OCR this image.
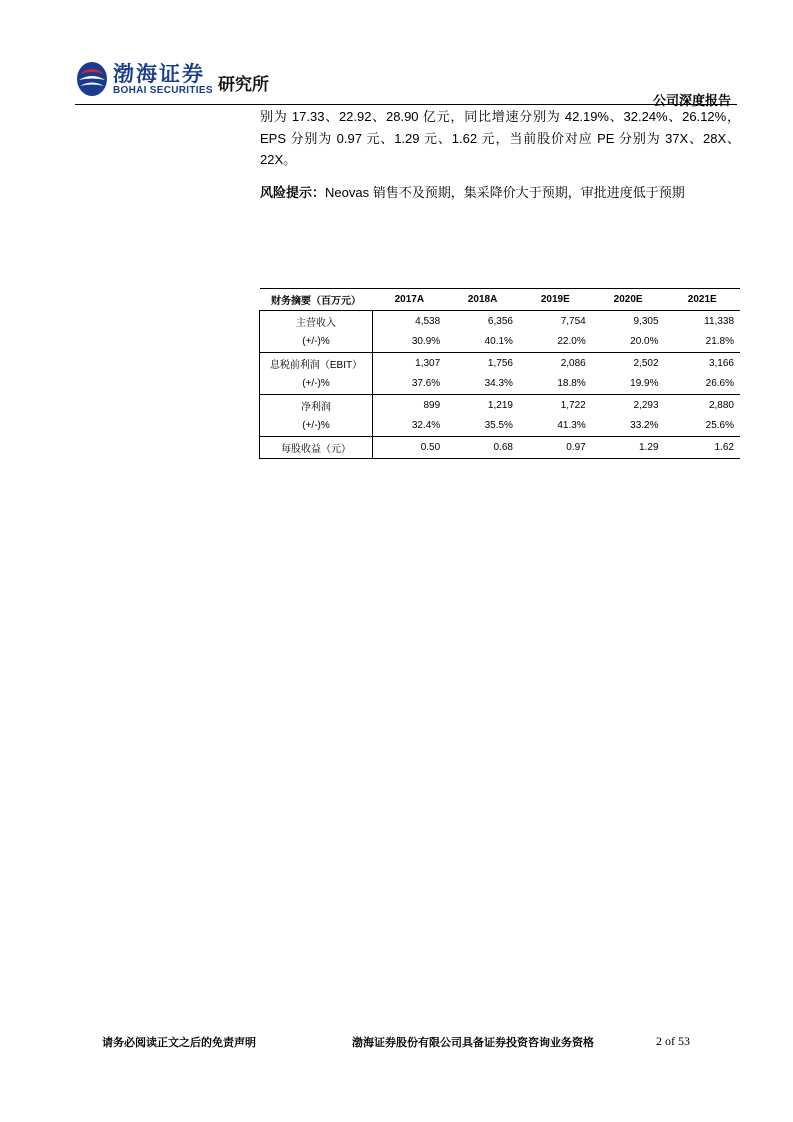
渤海证券
BOHAI SECURITIES 研究所
公司深度报告
别为 17.33、22.92、28.90 亿元，同比增速分别为 42.19%、32.24%、26.12%，EPS 分别为 0.97 元、1.29 元、1.62 元，当前股价对应 PE 分别为 37X、28X、22X。
风险提示：Neovas 销售不及预期，集采降价大于预期，审批进度低于预期
财务摘要（百万元）	2017A	2018A	2019E	2020E	2021E
主营收入	4,538	6,356	7,754	9,305	11,338
(+/-)%	30.9%	40.1%	22.0%	20.0%	21.8%
息税前利润（EBIT）	1,307	1,756	2,086	2,502	3,166
(+/-)%	37.6%	34.3%	18.8%	19.9%	26.6%
净利润	899	1,219	1,722	2,293	2,880
(+/-)%	32.4%	35.5%	41.3%	33.2%	25.6%
每股收益（元）	0.50	0.68	0.97	1.29	1.62
请务必阅读正文之后的免责声明	渤海证券股份有限公司具备证券投资咨询业务资格	2 of 53
